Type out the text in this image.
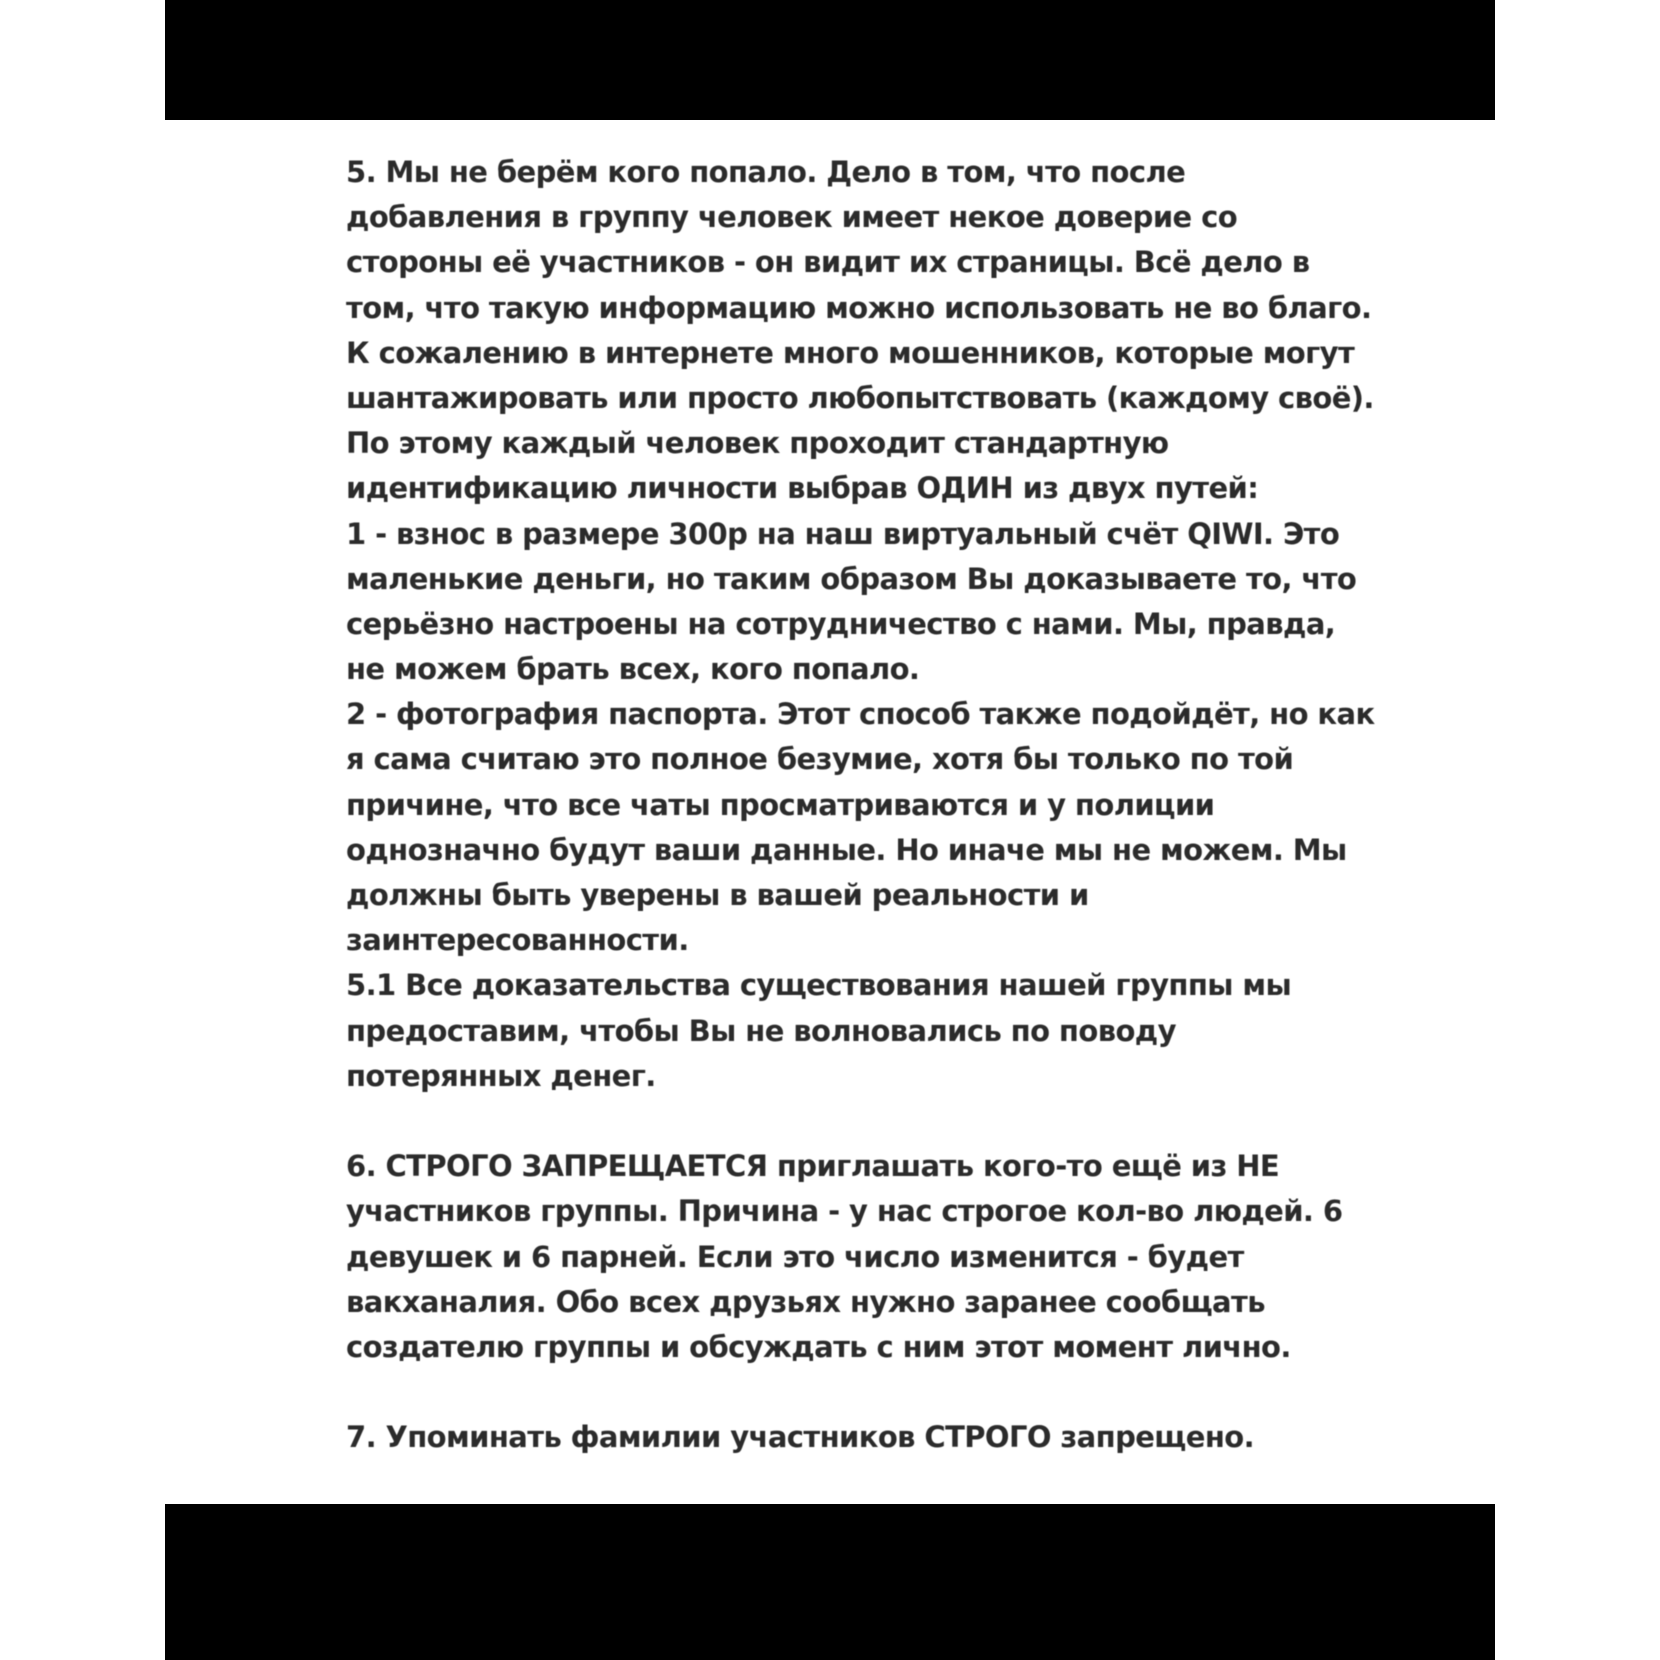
5. Мы не берём кого попало. Дело в том, что после
добавления в группу человек имеет некое доверие со
стороны её участников - он видит их страницы. Всё дело в
том, что такую информацию можно использовать не во благо.
К сожалению в интернете много мошенников, которые могут
шантажировать или просто любопытствовать (каждому своё).
По этому каждый человек проходит стандартную
идентификацию личности выбрав ОДИН из двух путей:
1 - взнос в размере 300р на наш виртуальный счёт QIWI. Это
маленькие деньги, но таким образом Вы доказываете то, что
серьёзно настроены на сотрудничество с нами. Мы, правда,
не можем брать всех, кого попало.
2 - фотография паспорта. Этот способ также подойдёт, но как
я сама считаю это полное безумие, хотя бы только по той
причине, что все чаты просматриваются и у полиции
однозначно будут ваши данные. Но иначе мы не можем. Мы
должны быть уверены в вашей реальности и
заинтересованности.
5.1 Все доказательства существования нашей группы мы
предоставим, чтобы Вы не волновались по поводу
потерянных денег.
6. СТРОГО ЗАПРЕЩАЕТСЯ приглашать кого-то ещё из НЕ
участников группы. Причина - у нас строгое кол-во людей. 6
девушек и 6 парней. Если это число изменится - будет
вакханалия. Обо всех друзьях нужно заранее сообщать
создателю группы и обсуждать с ним этот момент лично.
7. Упоминать фамилии участников СТРОГО запрещено.
